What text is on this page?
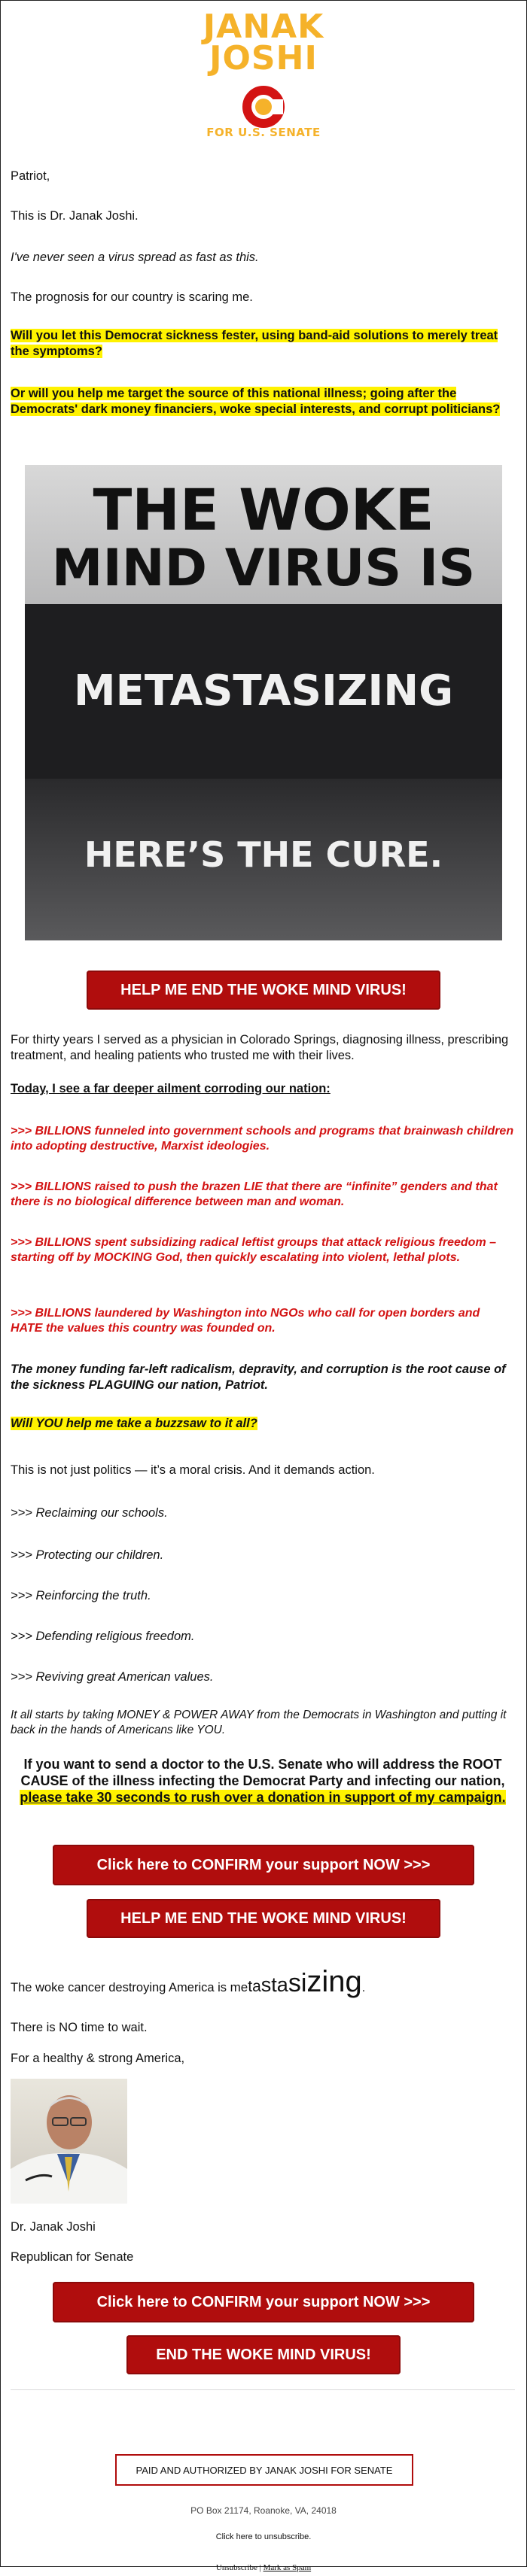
JANAK
JOSHI
FOR U.S. SENATE

Patriot,

This is Dr. Janak Joshi.

I've never seen a virus spread as fast as this.

The prognosis for our country is scaring me.

Will you let this Democrat sickness fester, using band-aid solutions to merely treat the symptoms?

Or will you help me target the source of this national illness; going after the Democrats' dark money financiers, woke special interests, and corrupt politicians?

THE WOKE
MIND VIRUS IS
METASTASIZING
HERE’S THE CURE.
HELP ME END THE WOKE MIND VIRUS!

For thirty years I served as a physician in Colorado Springs, diagnosing illness, prescribing treatment, and healing patients who trusted me with their lives.

Today, I see a far deeper ailment corroding our nation:

>>> BILLIONS funneled into government schools and programs that brainwash children into adopting destructive, Marxist ideologies.

>>> BILLIONS raised to push the brazen LIE that there are “infinite” genders and that there is no biological difference between man and woman.

>>> BILLIONS spent subsidizing radical leftist groups that attack religious freedom – starting off by MOCKING God, then quickly escalating into violent, lethal plots.

>>> BILLIONS laundered by Washington into NGOs who call for open borders and HATE the values this country was founded on.

The money funding far-left radicalism, depravity, and corruption is the root cause of the sickness PLAGUING our nation, Patriot.

Will YOU help me take a buzzsaw to it all?

This is not just politics — it’s a moral crisis. And it demands action.

>>> Reclaiming our schools.

>>> Protecting our children.

>>> Reinforcing the truth.

>>> Defending religious freedom.

>>> Reviving great American values.

It all starts by taking MONEY & POWER AWAY from the Democrats in Washington and putting it back in the hands of Americans like YOU.

If you want to send a doctor to the U.S. Senate who will address the ROOT CAUSE of the illness infecting the Democrat Party and infecting our nation, please take 30 seconds to rush over a donation in support of my campaign.

Click here to CONFIRM your support NOW >>>
HELP ME END THE WOKE MIND VIRUS!

The woke cancer destroying America is metastasizing.

There is NO time to wait.

For a healthy & strong America,

Dr. Janak Joshi

Republican for Senate

Click here to CONFIRM your support NOW >>>
END THE WOKE MIND VIRUS!
PAID AND AUTHORIZED BY JANAK JOSHI FOR SENATE
PO Box 21174, Roanoke, VA, 24018
Click here to unsubscribe.
Unsubscribe | Mark as Spam
